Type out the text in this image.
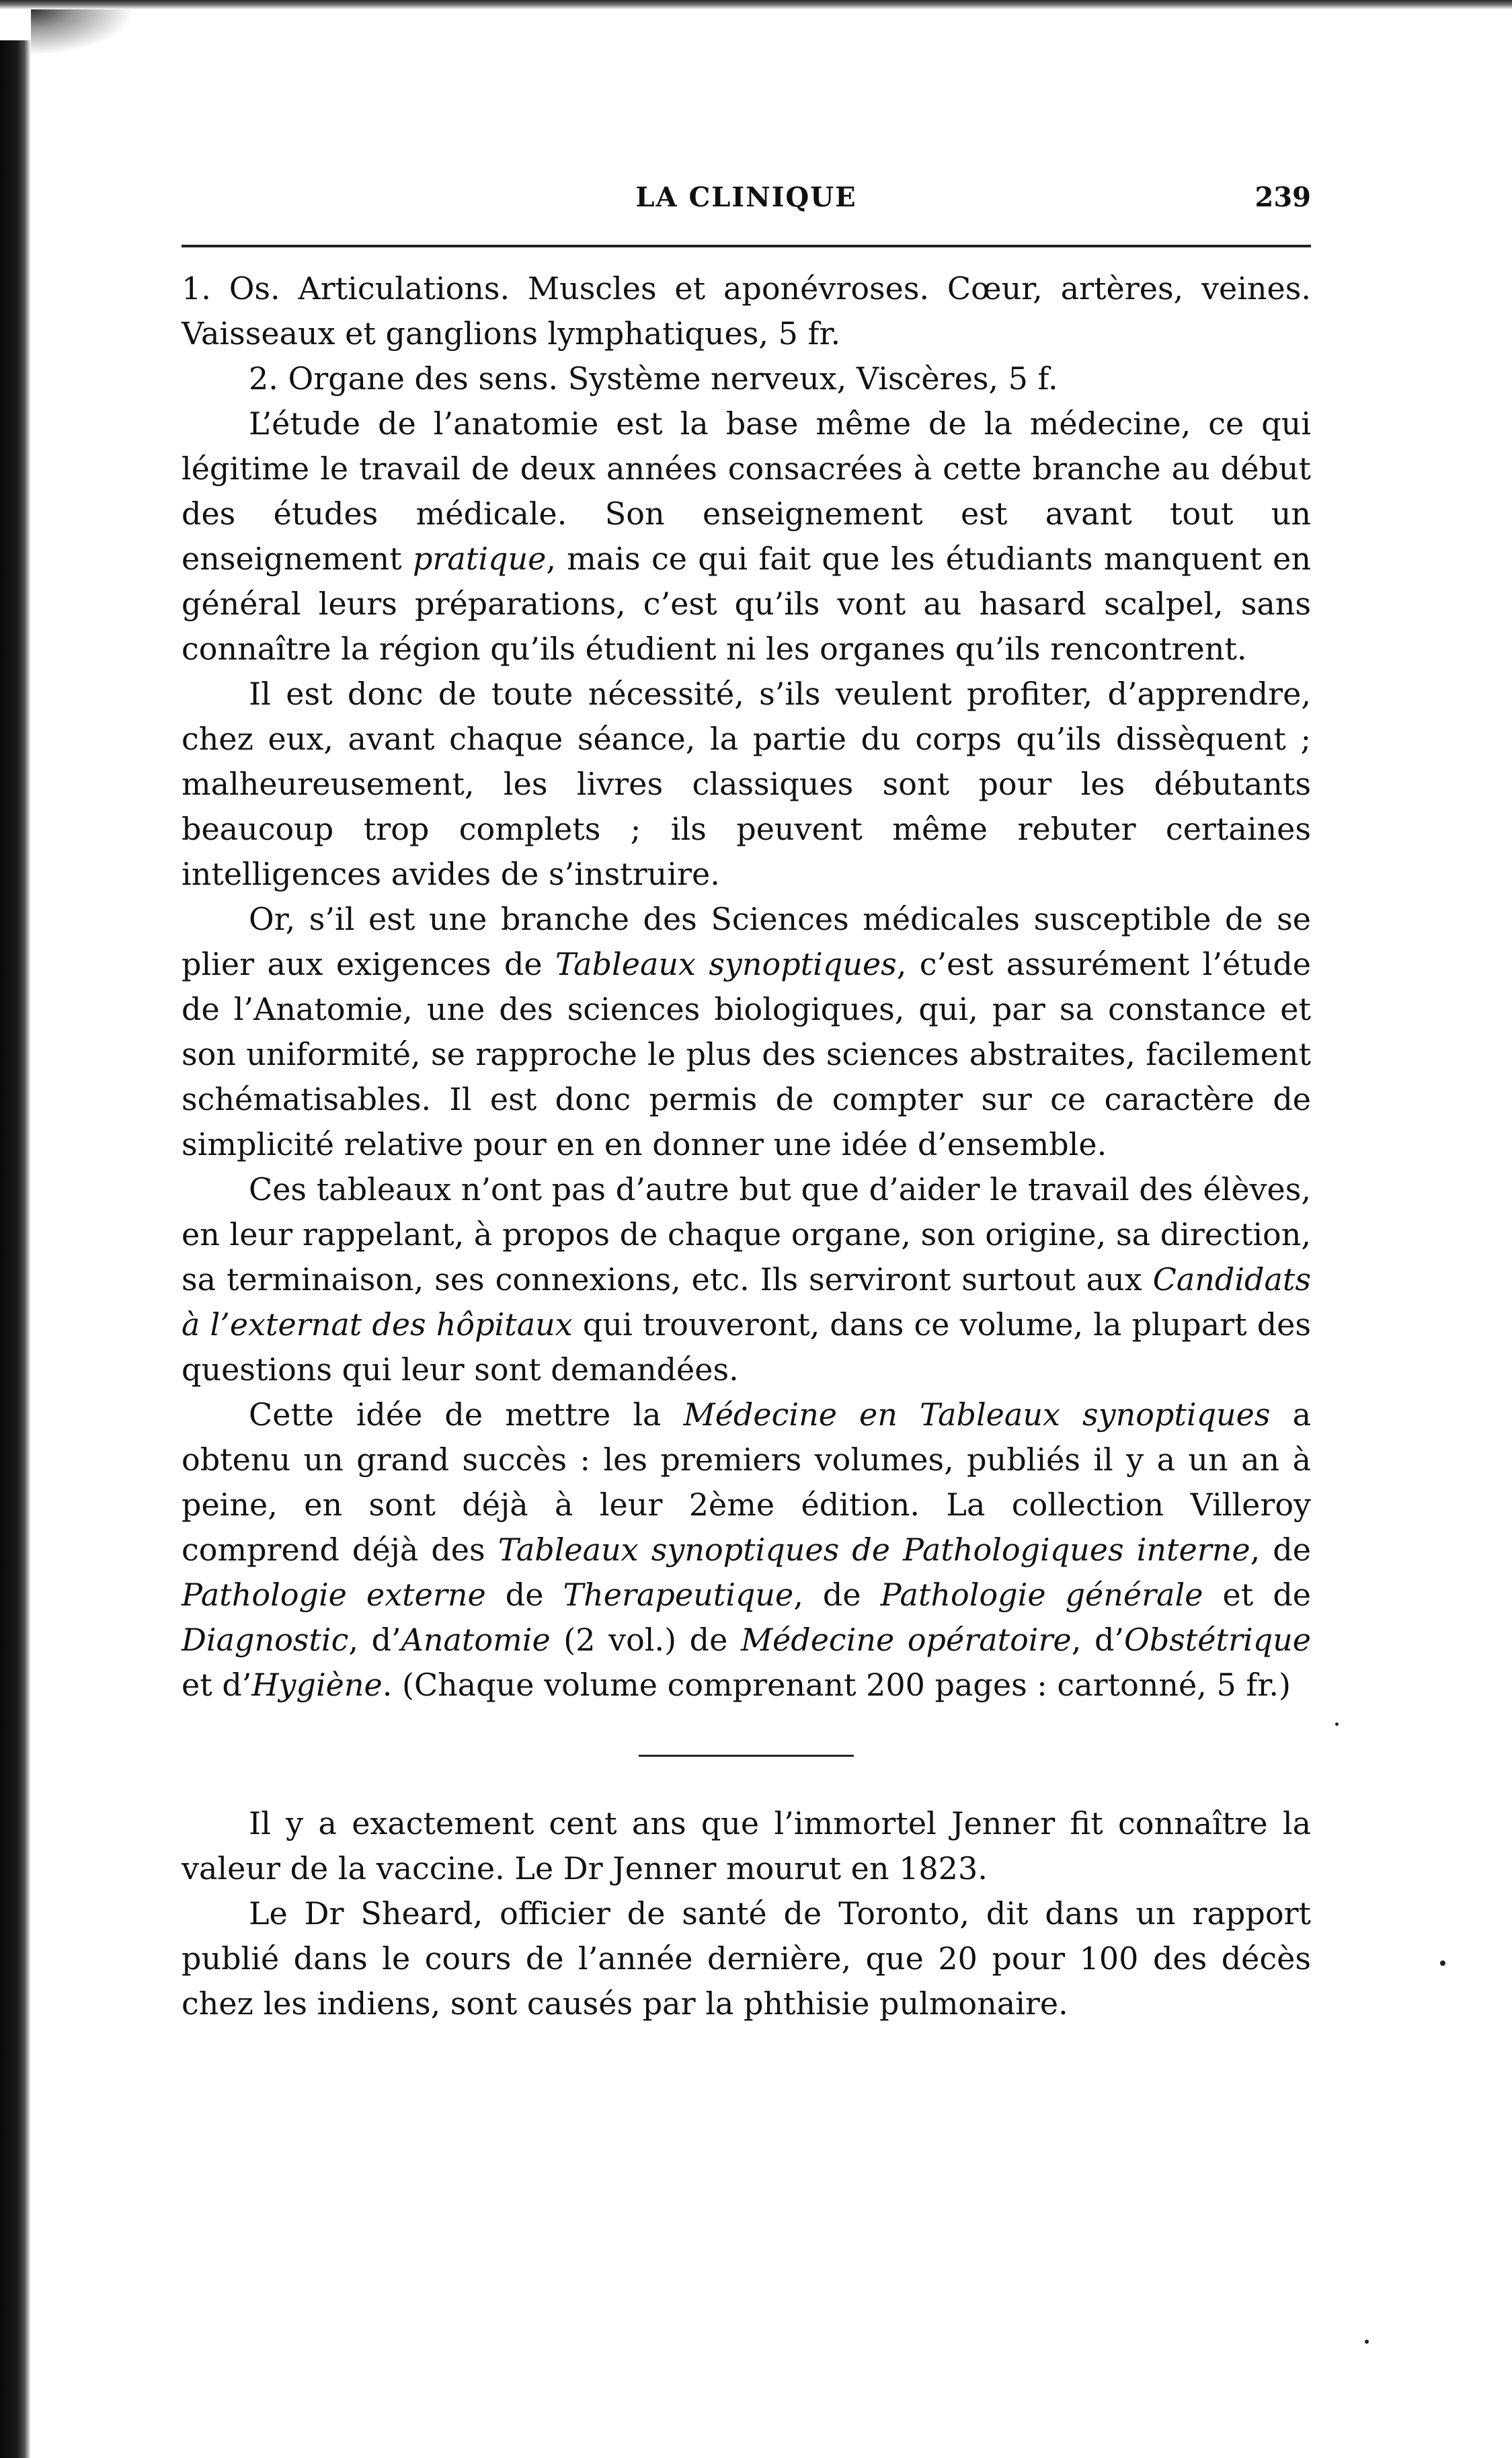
LA CLINIQUE	239

1. Os. Articulations. Muscles et aponévroses. Cœur, artères, veines. Vaisseaux et ganglions lymphatiques, 5 fr.

2. Organe des sens. Système nerveux, Viscères, 5 f.

L’étude de l’anatomie est la base même de la médecine, ce qui légitime le travail de deux années consacrées à cette branche au début des études médicale. Son enseignement est avant tout un enseignement pratique, mais ce qui fait que les étudiants manquent en général leurs préparations, c’est qu’ils vont au hasard scalpel, sans connaître la région qu’ils étudient ni les organes qu’ils rencontrent.

Il est donc de toute nécessité, s’ils veulent profiter, d’apprendre, chez eux, avant chaque séance, la partie du corps qu’ils dissèquent ; malheureusement, les livres classiques sont pour les débutants beaucoup trop complets ; ils peuvent même rebuter certaines intelligences avides de s’instruire.

Or, s’il est une branche des Sciences médicales susceptible de se plier aux exigences de Tableaux synoptiques, c’est assurément l’étude de l’Anatomie, une des sciences biologiques, qui, par sa constance et son uniformité, se rapproche le plus des sciences abstraites, facilement schématisables. Il est donc permis de compter sur ce caractère de simplicité relative pour en en donner une idée d’ensemble.

Ces tableaux n’ont pas d’autre but que d’aider le travail des élèves, en leur rappelant, à propos de chaque organe, son origine, sa direction, sa terminaison, ses connexions, etc. Ils serviront surtout aux Candidats à l’externat des hôpitaux qui trouveront, dans ce volume, la plupart des questions qui leur sont demandées.

Cette idée de mettre la Médecine en Tableaux synoptiques a obtenu un grand succès : les premiers volumes, publiés il y a un an à peine, en sont déjà à leur 2ème édition. La collection Villeroy comprend déjà des Tableaux synoptiques de Pathologiques interne, de Pathologie externe de Therapeutique, de Pathologie générale et de Diagnostic, d’Anatomie (2 vol.) de Médecine opératoire, d’Obstétrique et d’Hygiène. (Chaque volume comprenant 200 pages : cartonné, 5 fr.)

Il y a exactement cent ans que l’immortel Jenner fit connaître la valeur de la vaccine. Le Dr Jenner mourut en 1823.

Le Dr Sheard, officier de santé de Toronto, dit dans un rapport publié dans le cours de l’année dernière, que 20 pour 100 des décès chez les indiens, sont causés par la phthisie pulmonaire.
